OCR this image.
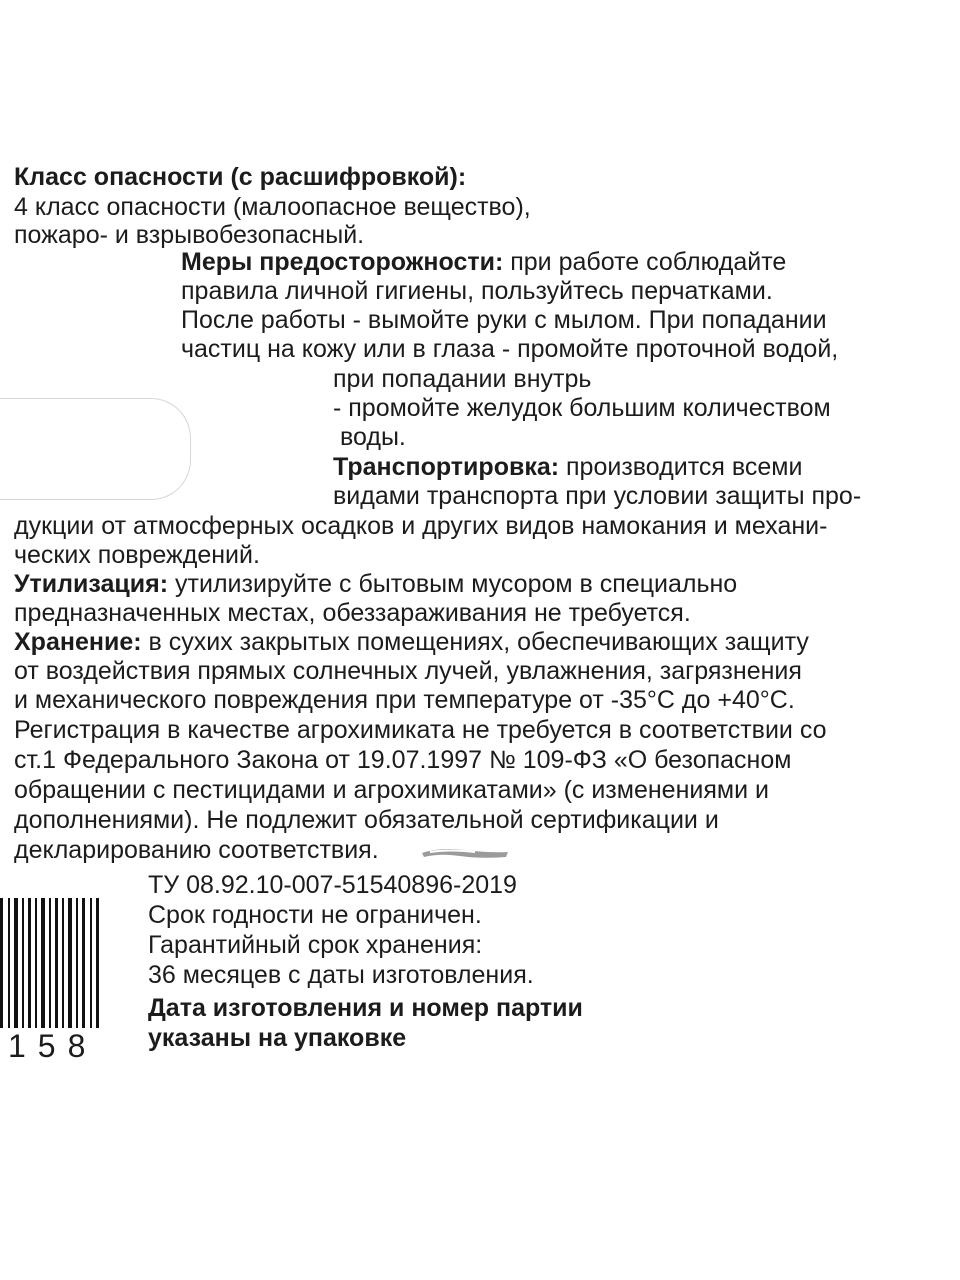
Класс опасности (с расшифровкой):

4 класс опасности (малоопасное вещество),

пожаро- и взрывобезопасный.

Меры предосторожности: при работе соблюдайте

правила личной гигиены, пользуйтесь перчатками.

После работы - вымойте руки с мылом. При попадании

частиц на кожу или в глаза - промойте проточной водой,

при попадании внутрь

- промойте желудок большим количеством

воды.

Транспортировка: производится всеми

видами транспорта при условии защиты про-

дукции от атмосферных осадков и других видов намокания и механи-

ческих повреждений.

Утилизация: утилизируйте с бытовым мусором в специально

предназначенных местах, обеззараживания не требуется.

Хранение: в сухих закрытых помещениях, обеспечивающих защиту

от воздействия прямых солнечных лучей, увлажнения, загрязнения

и механического повреждения при температуре от -35°С до +40°С.

Регистрация в качестве агрохимиката не требуется в соответствии со

ст.1 Федерального Закона от 19.07.1997 № 109-ФЗ «О безопасном

обращении с пестицидами и агрохимикатами» (с изменениями и

дополнениями). Не подлежит обязательной сертификации и

декларированию соответствия.

ТУ 08.92.10-007-51540896-2019

Срок годности не ограничен.

Гарантийный срок хранения:

36 месяцев с даты изготовления.

Дата изготовления и номер партии

указаны на упаковке

158
